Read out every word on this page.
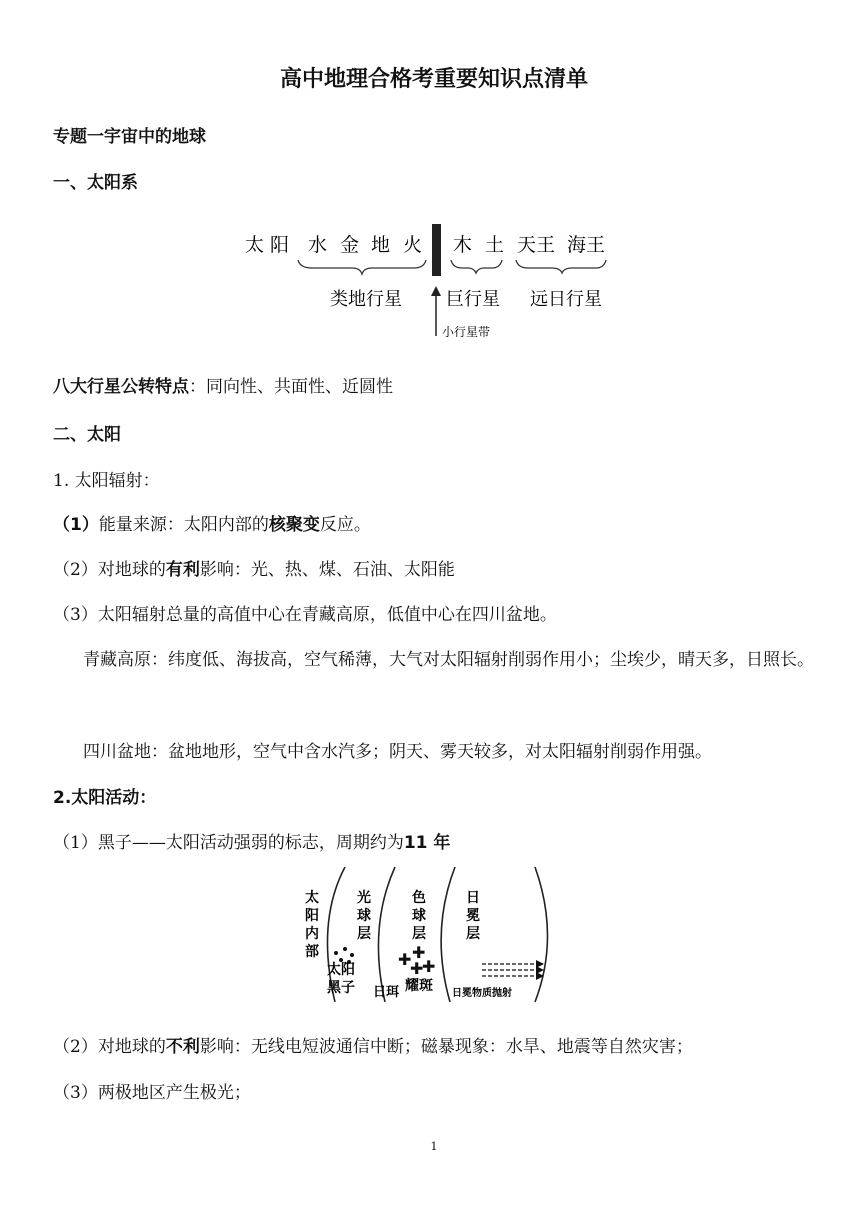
高中地理合格考重要知识点清单
专题一宇宙中的地球
一、太阳系
太 阳 水 金 地 火 木 土 天王 海王
类地行星 巨行星 远日行星
小行星带
八大行星公转特点：同向性、共面性、近圆性
二、太阳
1. 太阳辐射：
（1）能量来源：太阳内部的核聚变反应。
（2）对地球的有利影响：光、热、煤、石油、太阳能
（3）太阳辐射总量的高值中心在青藏高原，低值中心在四川盆地。
青藏高原：纬度低、海拔高，空气稀薄，大气对太阳辐射削弱作用小；尘埃少，晴天多，日照长。
四川盆地：盆地地形，空气中含水汽多；阴天、雾天较多，对太阳辐射削弱作用强。
2.太阳活动：
（1）黑子——太阳活动强弱的标志，周期约为11 年
太阳内部
光球层
色球层
日冕层
太阳黑子
✚ ✚
✚
✚
日珥 耀斑 日冕物质抛射
（2）对地球的不利影响：无线电短波通信中断；磁暴现象：水旱、地震等自然灾害；
（3）两极地区产生极光；
1
